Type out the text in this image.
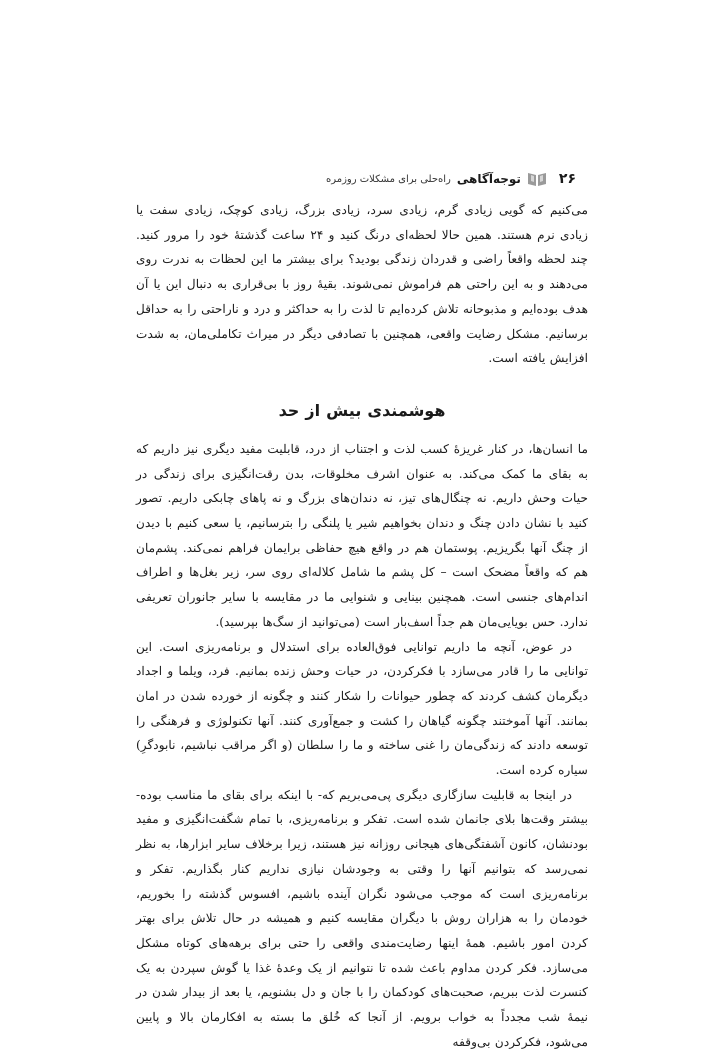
۲۶
توجه‌آگاهی
راه‌حلی برای مشکلات روزمره

می‌کنیم که گویی زیادی گرم، زیادی سرد، زیادی بزرگ، زیادی کوچک، زیادی سفت یا زیادی نرم هستند. همین حالا لحظه‌ای درنگ کنید و ۲۴ ساعت گذشتهٔ خود را مرور کنید. چند لحظه واقعاً راضی و قدردان زندگی بودید؟ برای بیشتر ما این لحظات به ندرت روی می‌دهند و به این راحتی هم فراموش نمی‌شوند. بقیهٔ روز با بی‌قراری به دنبال این یا آن هدف بوده‌ایم و مذبوحانه تلاش کرده‌ایم تا لذت را به حداکثر و درد و ناراحتی را به حداقل برسانیم. مشکل رضایت واقعی، همچنین با تصادفی دیگر در میراث تکاملی‌مان، به شدت افزایش یافته است.

هوشمندی بیش از حد

ما انسان‌ها، در کنار غریزهٔ کسب لذت و اجتناب از درد، قابلیت مفید دیگری نیز داریم که به بقای ما کمک می‌کند. به عنوان اشرف مخلوقات، بدن رقت‌انگیزی برای زندگی در حیات وحش داریم. نه چنگال‌های تیز، نه دندان‌های بزرگ و نه پاهای چابکی داریم. تصور کنید با نشان دادن چنگ و دندان بخواهیم شیر یا پلنگی را بترسانیم، یا سعی کنیم با دیدن از چنگ آنها بگریزیم. پوستمان هم در واقع هیچ حفاظی برایمان فراهم نمی‌کند. پشم‌مان هم که واقعاً مضحک است – کل پشم ما شامل کلاله‌ای روی سر، زیر بغل‌ها و اطراف اندام‌های جنسی است. همچنین بینایی و شنوایی ما در مقایسه با سایر جانوران تعریفی ندارد. حس بویایی‌مان هم جداً اسف‌بار است (می‌توانید از سگ‌ها بپرسید).

در عوض، آنچه ما داریم توانایی فوق‌العاده برای استدلال و برنامه‌ریزی است. این توانایی ما را قادر می‌سازد با فکرکردن، در حیات وحش زنده بمانیم. فرد، ویلما و اجداد دیگرمان کشف کردند که چطور حیوانات را شکار کنند و چگونه از خورده شدن در امان بمانند. آنها آموختند چگونه گیاهان را کشت و جمع‌آوری کنند. آنها تکنولوژی و فرهنگی را توسعه دادند که زندگی‌مان را غنی ساخته و ما را سلطان (و اگر مراقب نباشیم، نابودگرِ) سیاره کرده است.

در اینجا به قابلیت سازگاری دیگری پی‌می‌بریم که- با اینکه برای بقای ما مناسب بوده- بیشتر وقت‌ها بلای جانمان شده است. تفکر و برنامه‌ریزی، با تمام شگفت‌انگیزی و مفید بودنشان، کانون آشفتگی‌های هیجانی روزانه نیز هستند، زیرا برخلاف سایر ابزارها، به نظر نمی‌رسد که بتوانیم آنها را وقتی به وجودشان نیازی نداریم کنار بگذاریم. تفکر و برنامه‌ریزی است که موجب می‌شود نگران آینده باشیم، افسوس گذشته را بخوریم، خودمان را به هزاران روش با دیگران مقایسه کنیم و همیشه در حال تلاش برای بهتر کردن امور باشیم. همهٔ اینها رضایت‌مندی واقعی را حتی برای برهه‌های کوتاه مشکل می‌سازد. فکر کردن مداوم باعث شده تا نتوانیم از یک وعدهٔ غذا یا گوش سپردن به یک کنسرت لذت ببریم، صحبت‌های کودکمان را با جان و دل بشنویم، یا بعد از بیدار شدن در نیمهٔ شب مجدداً به خواب برویم. از آنجا که خُلق ما بسته به افکارمان بالا و پایین می‌شود، فکرکردن بی‌وقفه
